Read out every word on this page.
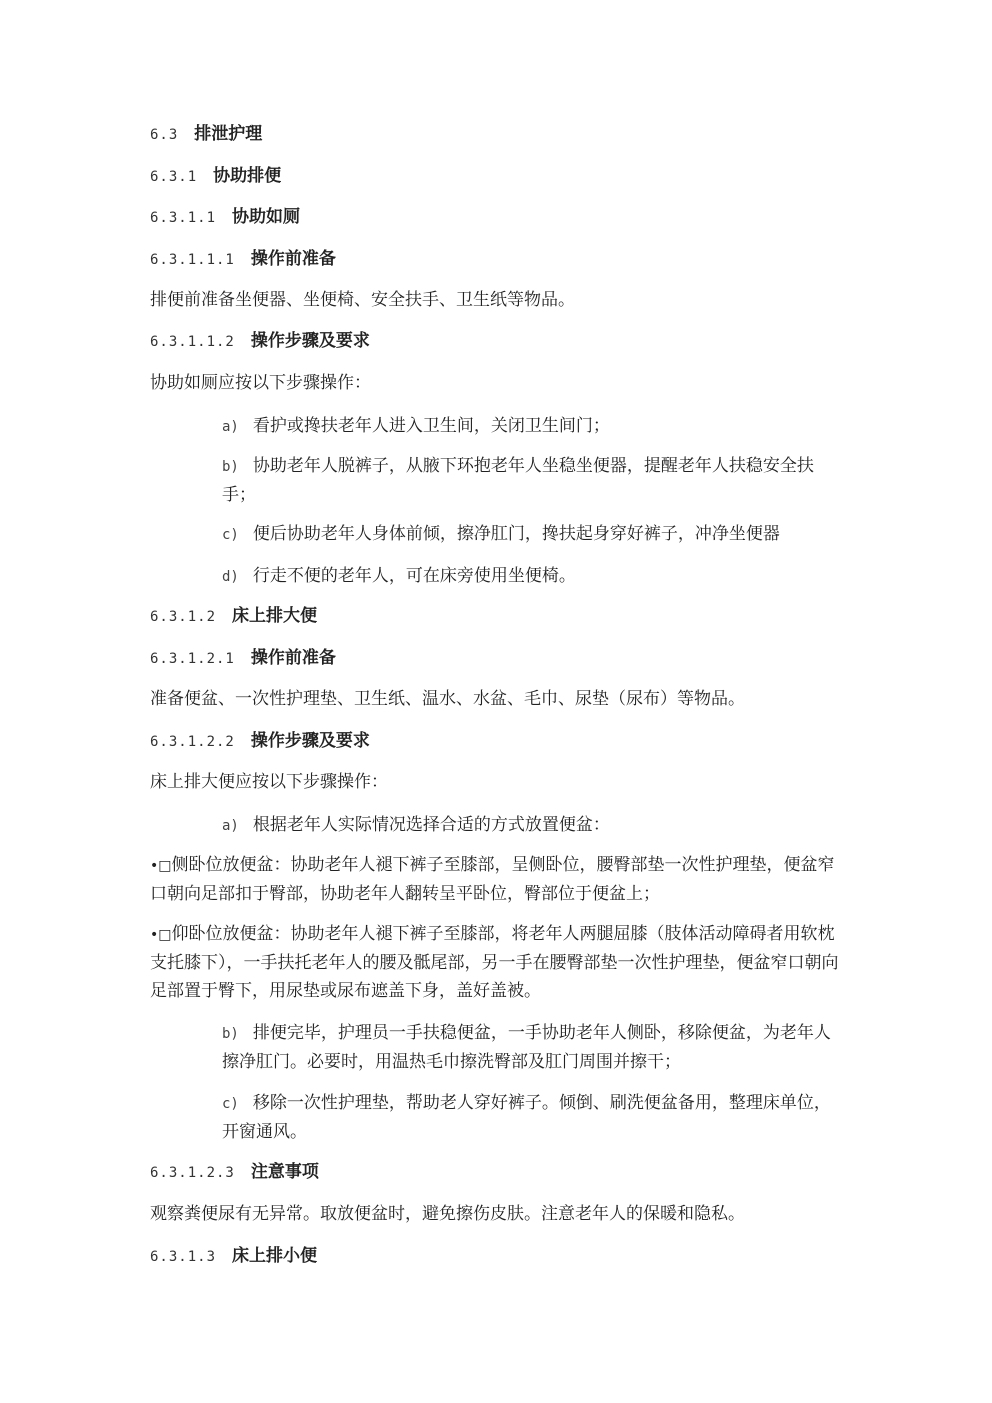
6.3 排泄护理
6.3.1 协助排便
6.3.1.1 协助如厕
6.3.1.1.1 操作前准备
排便前准备坐便器、坐便椅、安全扶手、卫生纸等物品。
6.3.1.1.2 操作步骤及要求
协助如厕应按以下步骤操作：
a) 看护或搀扶老年人进入卫生间，关闭卫生间门；
b) 协助老年人脱裤子，从腋下环抱老年人坐稳坐便器，提醒老年人扶稳安全扶手；
c) 便后协助老年人身体前倾，擦净肛门，搀扶起身穿好裤子，冲净坐便器
d) 行走不便的老年人，可在床旁使用坐便椅。
6.3.1.2 床上排大便
6.3.1.2.1 操作前准备
准备便盆、一次性护理垫、卫生纸、温水、水盆、毛巾、尿垫（尿布）等物品。
6.3.1.2.2 操作步骤及要求
床上排大便应按以下步骤操作：
a) 根据老年人实际情况选择合适的方式放置便盆：
•□侧卧位放便盆：协助老年人褪下裤子至膝部，呈侧卧位，腰臀部垫一次性护理垫，便盆窄口朝向足部扣于臀部，协助老年人翻转呈平卧位，臀部位于便盆上；
•□仰卧位放便盆：协助老年人褪下裤子至膝部，将老年人两腿屈膝（肢体活动障碍者用软枕支托膝下），一手扶托老年人的腰及骶尾部，另一手在腰臀部垫一次性护理垫，便盆窄口朝向足部置于臀下，用尿垫或尿布遮盖下身，盖好盖被。
b) 排便完毕，护理员一手扶稳便盆，一手协助老年人侧卧，移除便盆，为老年人擦净肛门。必要时，用温热毛巾擦洗臀部及肛门周围并擦干；
c) 移除一次性护理垫，帮助老人穿好裤子。倾倒、刷洗便盆备用，整理床单位，开窗通风。
6.3.1.2.3 注意事项
观察粪便尿有无异常。取放便盆时，避免擦伤皮肤。注意老年人的保暖和隐私。
6.3.1.3 床上排小便
